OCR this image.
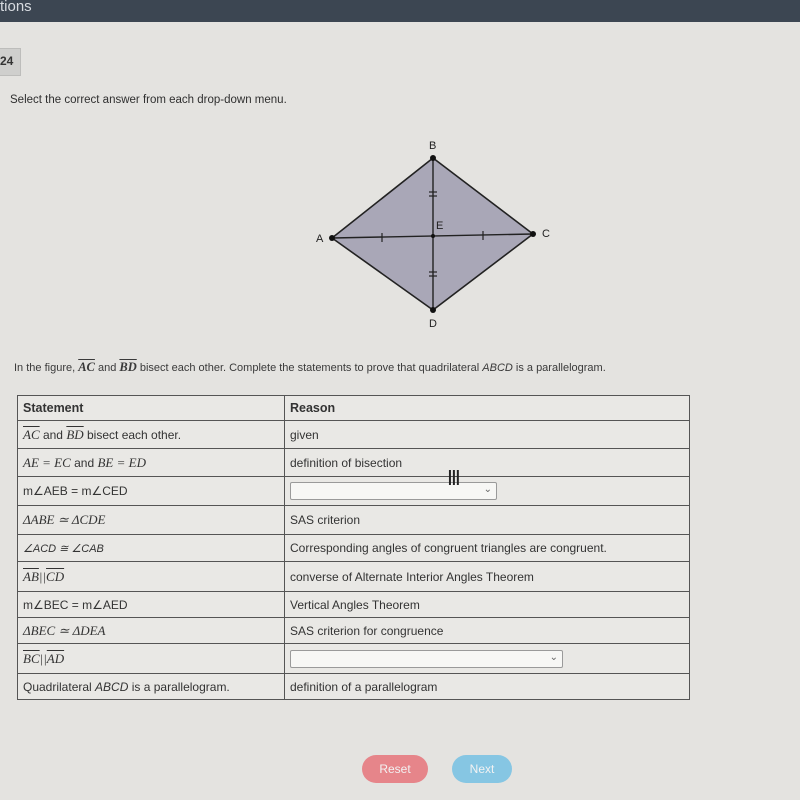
tions
24
Select the correct answer from each drop-down menu.
A
B
C
D
E
In the figure, $\overline{AC}$ and $\overline{BD}$ bisect each other. Complete the statements to prove that quadrilateral ABCD is a parallelogram.
Statement	Reason
$\overline{AC}$ and $\overline{BD}$ bisect each other.	given
AE = EC and BE = ED	definition of bisection
m∠AEB = m∠CED	⌄

ΔABE ≃ ΔCDE	SAS criterion
∠ACD ≅ ∠CAB	Corresponding angles of congruent triangles are congruent.
$\overline{AB}||\overline{CD}$	converse of Alternate Interior Angles Theorem
m∠BEC = m∠AED	Vertical Angles Theorem
ΔBEC ≃ ΔDEA	SAS criterion for congruence
$\overline{BC}||\overline{AD}$	⌄

Quadrilateral ABCD is a parallelogram.	definition of a parallelogram
Ⅲ
Reset	Next
